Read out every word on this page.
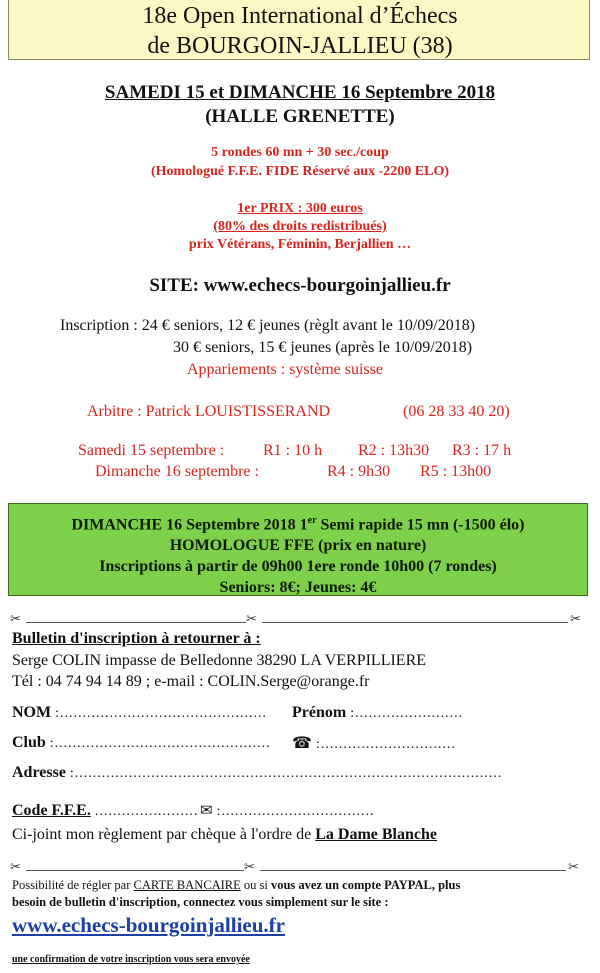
18e Open International d’Échecs
de BOURGOIN-JALLIEU (38)
SAMEDI 15 et DIMANCHE 16 Septembre 2018
(HALLE GRENETTE)
5 rondes 60 mn + 30 sec./coup
(Homologué F.F.E. FIDE Réservé aux -2200 ELO)
1er PRIX : 300 euros
(80% des droits redistribués)
prix Vétérans, Féminin, Berjallien …
SITE: www.echecs-bourgoinjallieu.fr
Inscription : 24 € seniors, 12 € jeunes (règlt avant le 10/09/2018)
30 € seniors, 15 € jeunes (après le 10/09/2018)
Appariements : système suisse
Arbitre : Patrick LOUISTISSERAND	(06 28 33 40 20)
Samedi 15 septembre : R1 : 10 h R2 : 13h30 R3 : 17 h
Dimanche 16 septembre :	R4 : 9h30 R5 : 13h00
DIMANCHE 16 Septembre 2018 1er Semi rapide 15 mn (-1500 élo)
HOMOLOGUE FFE (prix en nature)
Inscriptions à partir de 09h00 1ere ronde 10h00 (7 rondes)
Seniors: 8€; Jeunes: 4€
✂	✂	✂
Bulletin d'inscription à retourner à :
Serge COLIN impasse de Belledonne 38290 LA VERPILLIERE
Tél : 04 74 94 14 89 ; e-mail : COLIN.Serge@orange.fr
NOM :.............................................. Prénom :........................
Club :................................................ ☎ :..............................
Adresse :...............................................................................................
Code F.F.E. ....................... ✉ :..................................
Ci-joint mon règlement par chèque à l'ordre de La Dame Blanche
✂	✂	✂
Possibilité de régler par CARTE BANCAIRE ou si vous avez un compte PAYPAL, plus
besoin de bulletin d'inscription, connectez vous simplement sur le site :
www.echecs-bourgoinjallieu.fr
une confirmation de votre inscription vous sera envoyée
